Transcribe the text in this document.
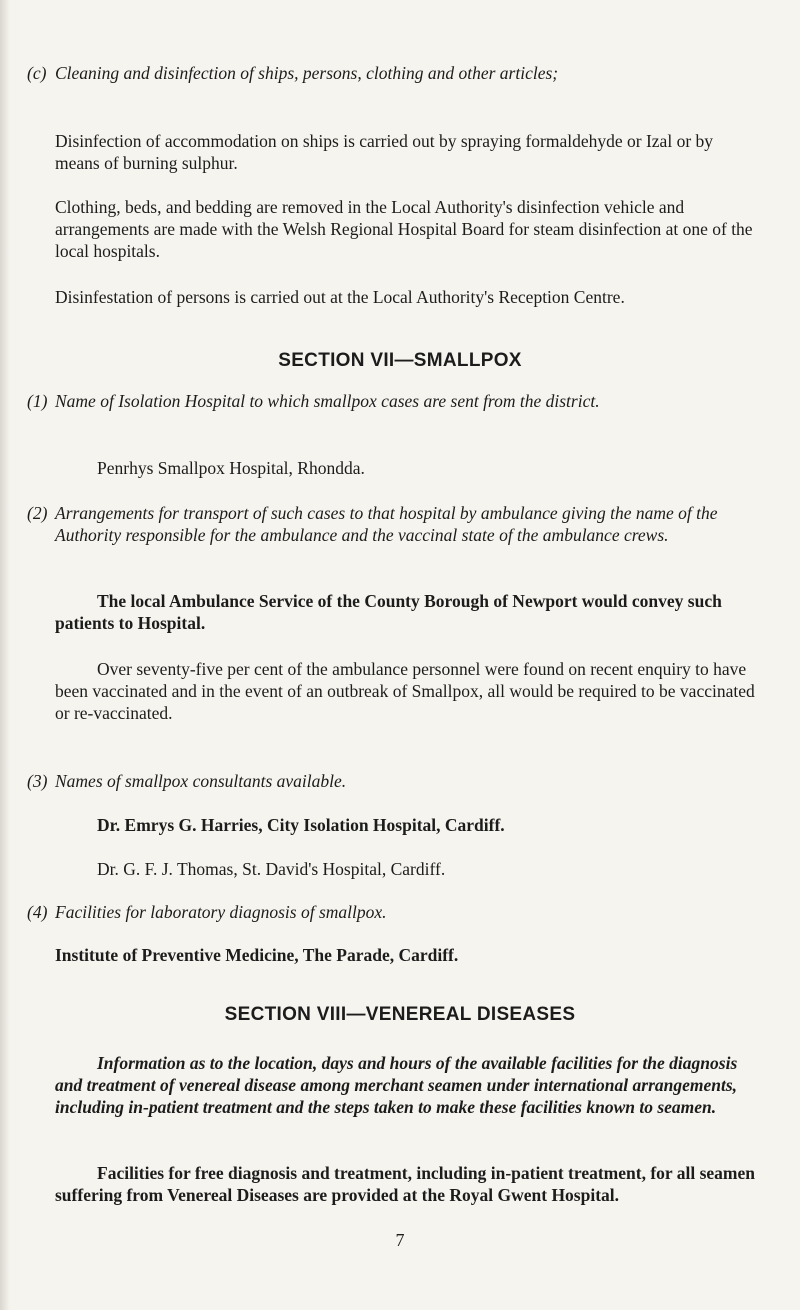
(c) Cleaning and disinfection of ships, persons, clothing and other articles;

Disinfection of accommodation on ships is carried out by spraying formaldehyde or Izal or by means of burning sulphur.

Clothing, beds, and bedding are removed in the Local Authority's disinfection vehicle and arrangements are made with the Welsh Regional Hospital Board for steam disinfection at one of the local hospitals.

Disinfestation of persons is carried out at the Local Authority's Reception Centre.

SECTION VII—SMALLPOX

(1) Name of Isolation Hospital to which smallpox cases are sent from the district.

Penrhys Smallpox Hospital, Rhondda.

(2) Arrangements for transport of such cases to that hospital by ambulance giving the name of the Authority responsible for the ambulance and the vaccinal state of the ambulance crews.

The local Ambulance Service of the County Borough of Newport would convey such patients to Hospital.

Over seventy-five per cent of the ambulance personnel were found on recent enquiry to have been vaccinated and in the event of an outbreak of Smallpox, all would be required to be vaccinated or re-vaccinated.

(3) Names of smallpox consultants available.

Dr. Emrys G. Harries, City Isolation Hospital, Cardiff.

Dr. G. F. J. Thomas, St. David's Hospital, Cardiff.

(4) Facilities for laboratory diagnosis of smallpox.

Institute of Preventive Medicine, The Parade, Cardiff.

SECTION VIII—VENEREAL DISEASES

Information as to the location, days and hours of the available facilities for the diagnosis and treatment of venereal disease among merchant seamen under international arrangements, including in-patient treatment and the steps taken to make these facilities known to seamen.

Facilities for free diagnosis and treatment, including in-patient treatment, for all seamen suffering from Venereal Diseases are provided at the Royal Gwent Hospital.

7
